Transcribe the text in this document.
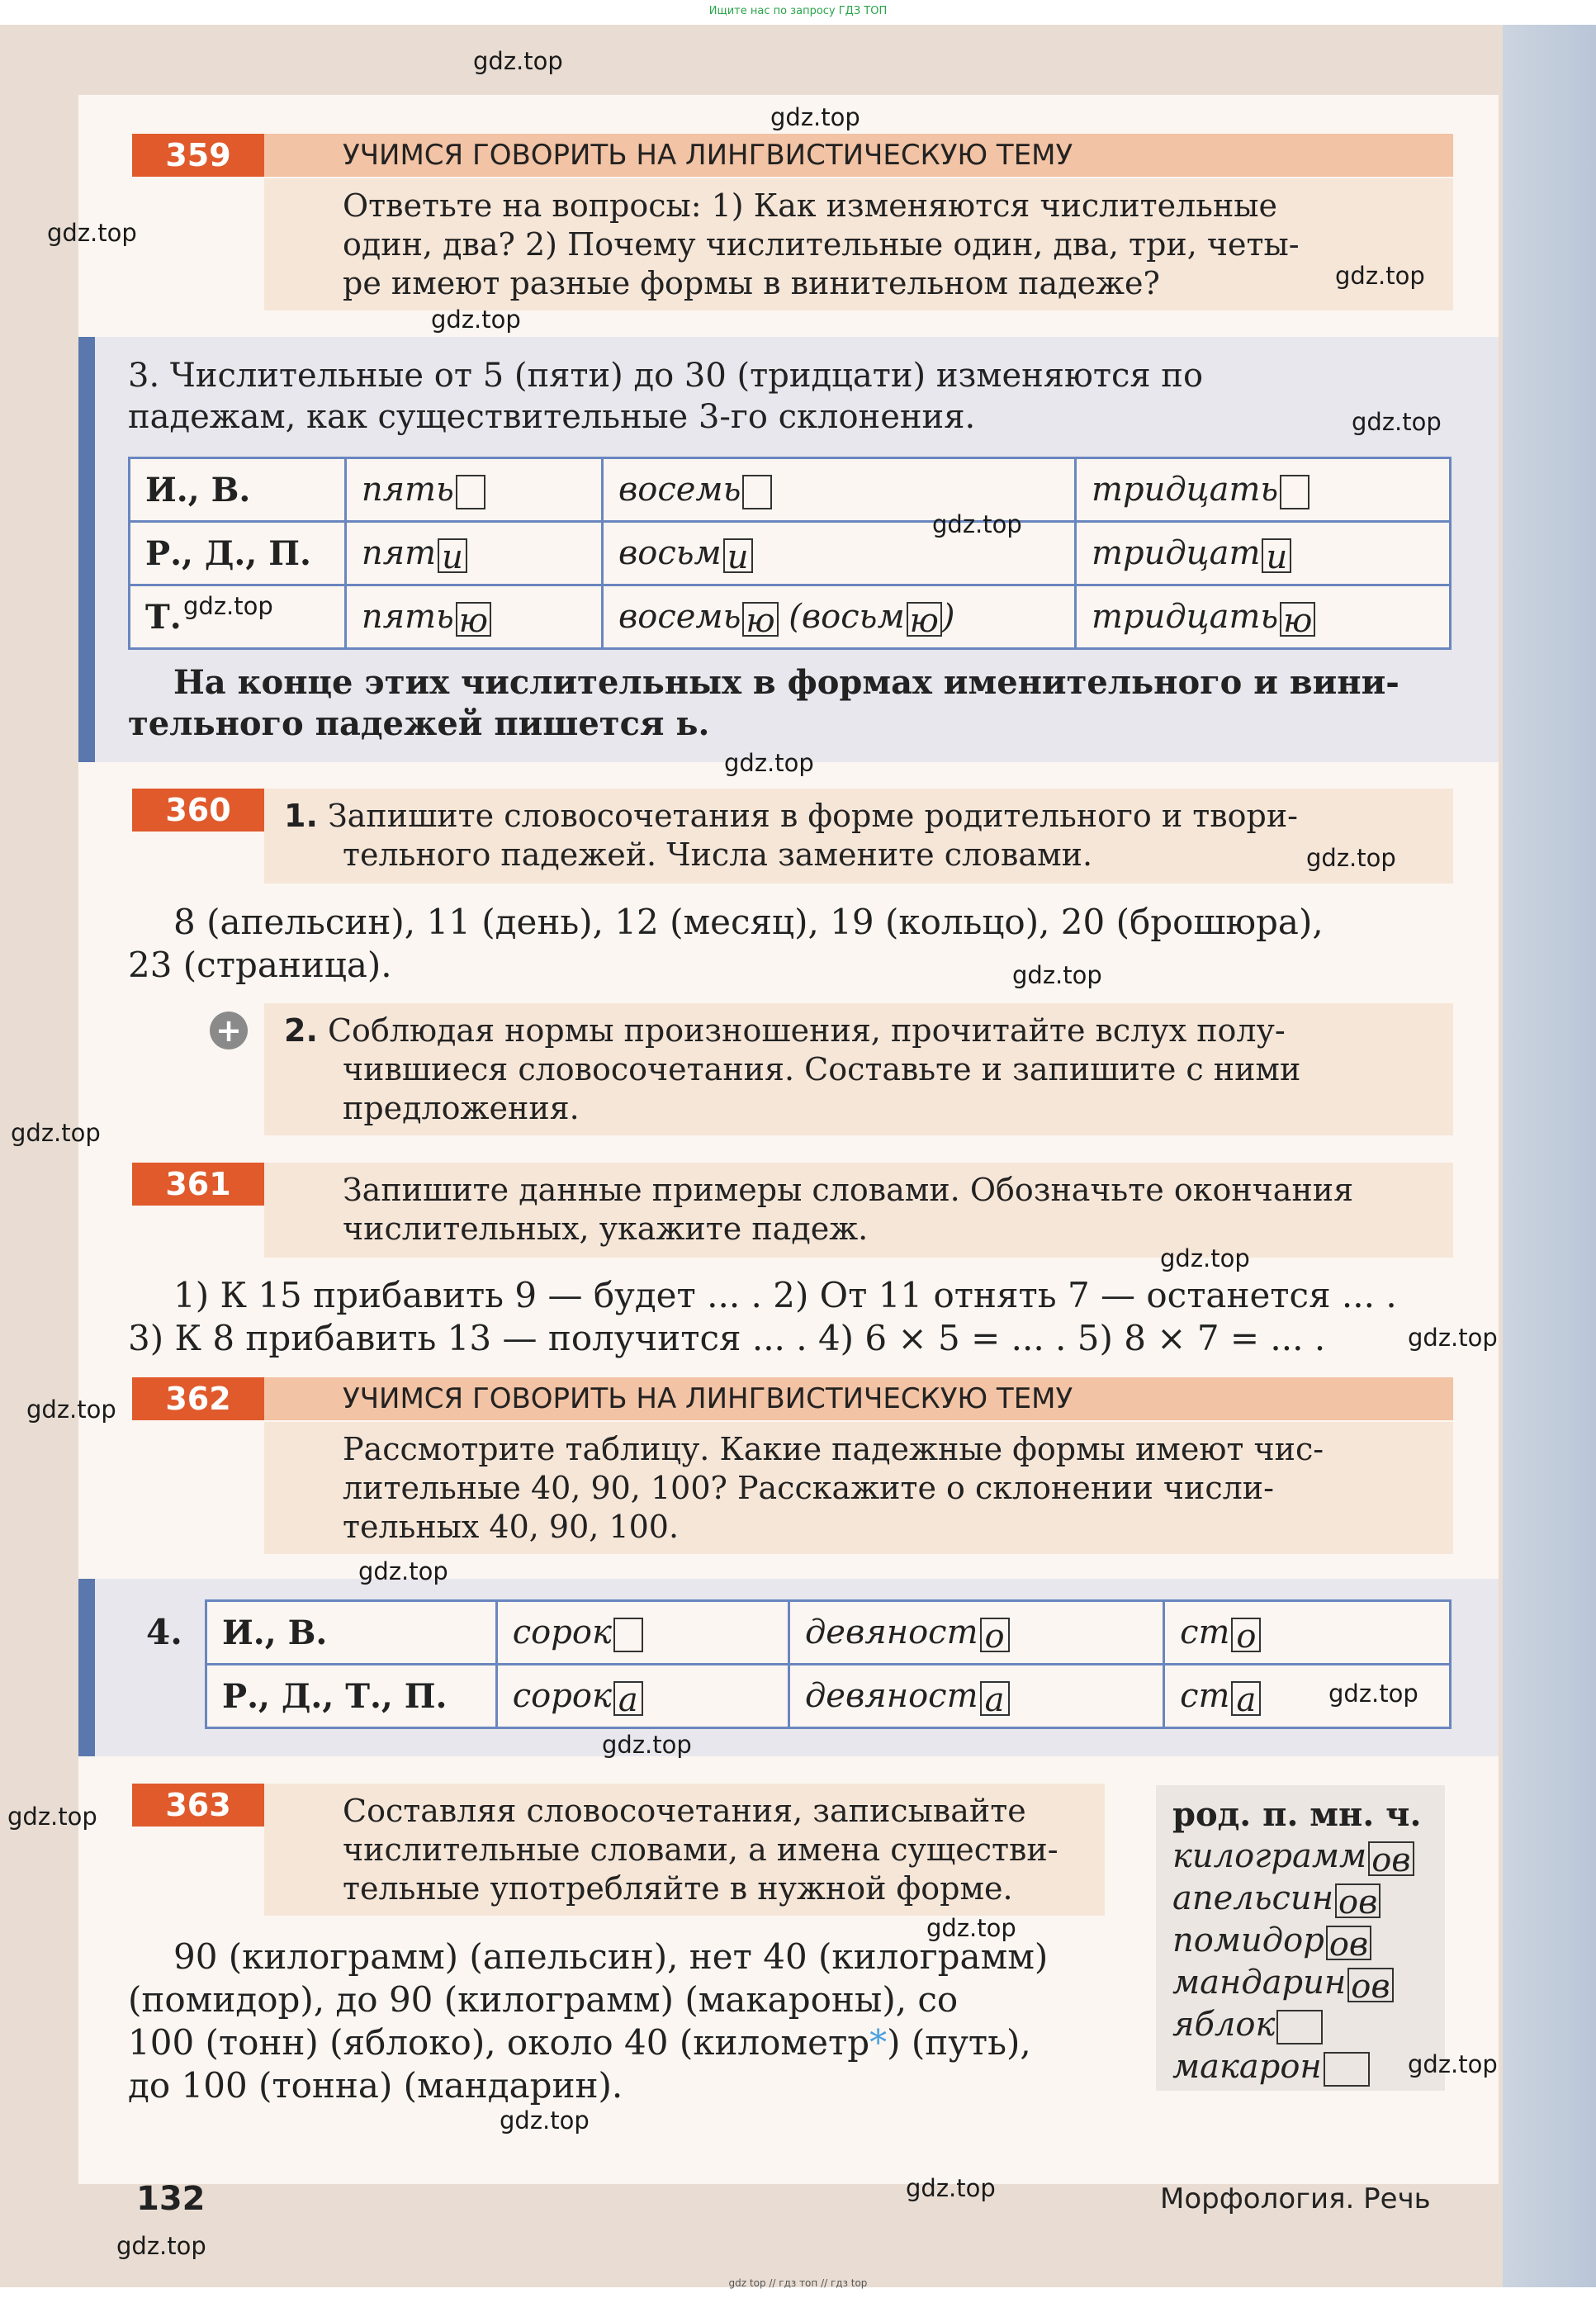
Ищите нас по запросу ГДЗ ТОП
359	УЧИМСЯ ГОВОРИТЬ НА ЛИНГВИСТИЧЕСКУЮ ТЕМУ
Ответьте на вопросы: 1) Как изменяются числительные
один, два? 2) Почему числительные один, два, три, четы-
ре имеют разные формы в винительном падеже?
3. Числительные от 5 (пяти) до 30 (тридцати) изменяются по
падежам, как существительные 3-го склонения.
И., В.	пять	восемь	тридцать
Р., Д., П.	пят и	восьм и	тридцат и
Т.	пять ю	восемь ю (восьм ю )	тридцать ю
На конце этих числительных в формах именительного и вини-
тельного падежей пишется ь.
360	1. Запишите словосочетания в форме родительного и твори-
тельного падежей. Числа замените словами.
8 (апельсин), 11 (день), 12 (месяц), 19 (кольцо), 20 (брошюра),
23 (страница).
+ 2. Соблюдая нормы произношения, прочитайте вслух полу-
чившиеся словосочетания. Составьте и запишите с ними
предложения.
361	Запишите данные примеры словами. Обозначьте окончания
числительных, укажите падеж.
1) К 15 прибавить 9 — будет ... . 2) От 11 отнять 7 — останется ... .
3) К 8 прибавить 13 — получится ... . 4) 6 × 5 = ... . 5) 8 × 7 = ... .
362	УЧИМСЯ ГОВОРИТЬ НА ЛИНГВИСТИЧЕСКУЮ ТЕМУ
Рассмотрите таблицу. Какие падежные формы имеют чис-
лительные 40, 90, 100? Расскажите о склонении числи-
тельных 40, 90, 100.
4. И., В.	сорок	девяност о	ст о
Р., Д., Т., П.	сорок а	девяност а	ст а
363	Составляя словосочетания, записывайте
числительные словами, а имена существи-
тельные употребляйте в нужной форме.
90 (килограмм) (апельсин), нет 40 (килограмм)
(помидор), до 90 (килограмм) (макароны), со
100 (тонн) (яблоко), около 40 (километр*) (путь),
до 100 (тонна) (мандарин).
род. п. мн. ч.
килограмм ов
апельсин ов
помидор ов
мандарин ов
яблок
макарон
132	Морфология. Речь
gdz.top
gdz.top
gdz.top
gdz.top
gdz.top
gdz.top
gdz.top
gdz.top
gdz.top
gdz.top
gdz.top
gdz.top
gdz.top
gdz.top
gdz.top
gdz.top
gdz.top
gdz.top
gdz.top
gdz.top
gdz.top
gdz.top
gdz.top
gdz.top
gdz top // гдз топ // гдз top
